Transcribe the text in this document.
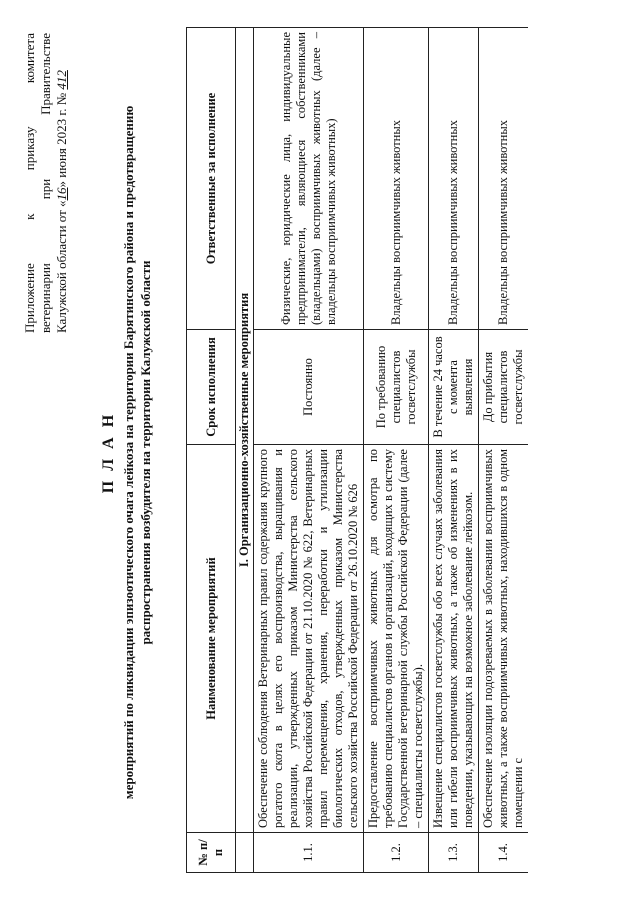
Приложение к приказу комитета ветеринарии при Правительстве Калужской области от «16» июня 2023 г. № 412
П Л А Н мероприятий по ликвидации эпизоотического очага лейкоза на территории Барятинского района и предотвращению распространения возбудителя на территории Калужской области
№ п/п	Наименование мероприятий	Срок исполнения	Ответственные за исполнение
	I. Организационно-хозяйственные мероприятия		
1.1.	Обеспечение соблюдения Ветеринарных правил содержания крупного рогатого скота в целях его воспроизводства, выращивания и реализации, утвержденных приказом Министерства сельского хозяйства Российской Федерации от 21.10.2020 № 622, Ветеринарных правил перемещения, хранения, переработки и утилизации биологических отходов, утвержденных приказом Министерства сельского хозяйства Российской Федерации от 26.10.2020 № 626	Постоянно	Физические, юридические лица, индивидуальные предприниматели, являющиеся собственниками (владельцами) восприимчивых животных (далее – владельцы восприимчивых животных)
1.2.	Предоставление восприимчивых животных для осмотра по требованию специалистов органов и организаций, входящих в систему Государственной ветеринарной службы Российской Федерации (далее – специалисты госветслужбы).	По требованию специалистов госветслужбы	Владельцы восприимчивых животных
1.3.	Извещение специалистов госветслужбы обо всех случаях заболевания или гибели восприимчивых животных, а также об изменениях в их поведении, указывающих на возможное заболевание лейкозом.	В течение 24 часов с момента выявления	Владельцы восприимчивых животных
1.4.	Обеспечение изоляции подозреваемых в заболевании восприимчивых животных, а также восприимчивых животных, находившихся в одном помещении с	До прибытия специалистов госветслужбы	Владельцы восприимчивых животных
